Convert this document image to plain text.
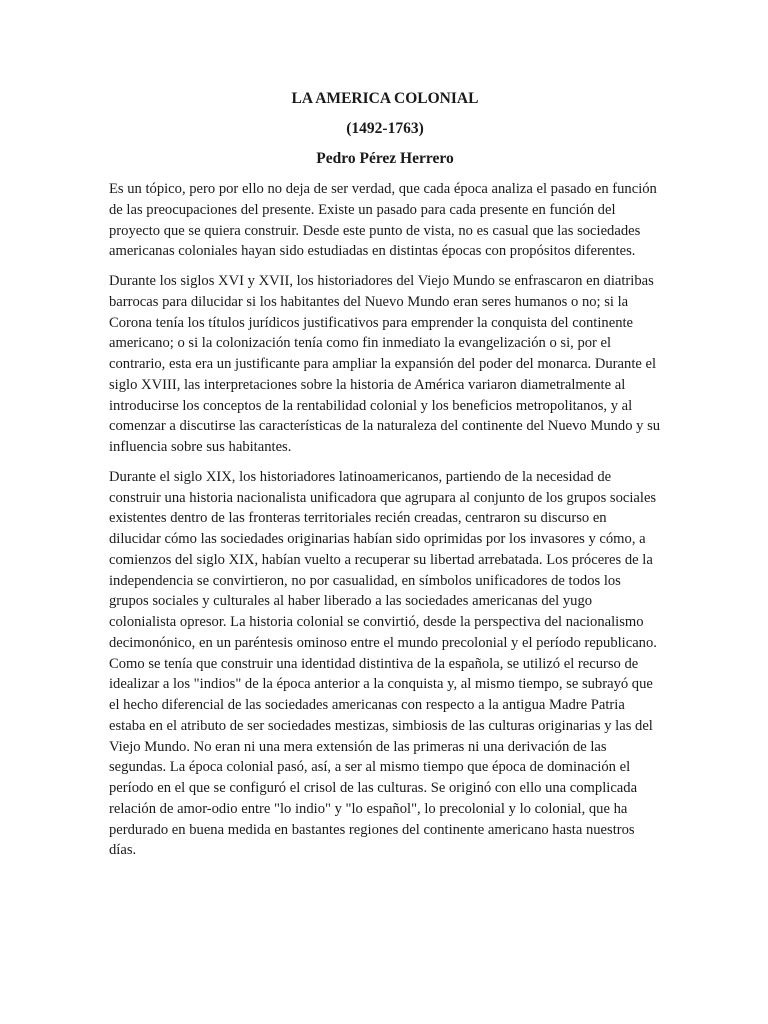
LA AMERICA COLONIAL
(1492-1763)
Pedro Pérez Herrero

Es un tópico, pero por ello no deja de ser verdad, que cada época analiza el pasado en función de las preocupaciones del presente. Existe un pasado para cada presente en función del proyecto que se quiera construir. Desde este punto de vista, no es casual que las sociedades americanas coloniales hayan sido estudiadas en distintas épocas con propósitos diferentes.

Durante los siglos XVI y XVII, los historiadores del Viejo Mundo se enfrascaron en diatribas barrocas para dilucidar si los habitantes del Nuevo Mundo eran seres humanos o no; si la Corona tenía los títulos jurídicos justificativos para emprender la conquista del continente americano; o si la colonización tenía como fin inmediato la evangelización o si, por el contrario, esta era un justificante para ampliar la expansión del poder del monarca. Durante el siglo XVIII, las interpretaciones sobre la historia de América variaron diametralmente al introducirse los conceptos de la rentabilidad colonial y los beneficios metropolitanos, y al comenzar a discutirse las características de la naturaleza del continente del Nuevo Mundo y su influencia sobre sus habitantes.

Durante el siglo XIX, los historiadores latinoamericanos, partiendo de la necesidad de construir una historia nacionalista unificadora que agrupara al conjunto de los grupos sociales existentes dentro de las fronteras territoriales recién creadas, centraron su discurso en dilucidar cómo las sociedades originarias habían sido oprimidas por los invasores y cómo, a comienzos del siglo XIX, habían vuelto a recuperar su libertad arrebatada. Los próceres de la independencia se convirtieron, no por casualidad, en símbolos unificadores de todos los grupos sociales y culturales al haber liberado a las sociedades americanas del yugo colonialista opresor. La historia colonial se convirtió, desde la perspectiva del nacionalismo decimonónico, en un paréntesis ominoso entre el mundo precolonial y el período republicano. Como se tenía que construir una identidad distintiva de la española, se utilizó el recurso de idealizar a los "indios" de la época anterior a la conquista y, al mismo tiempo, se subrayó que el hecho diferencial de las sociedades americanas con respecto a la antigua Madre Patria estaba en el atributo de ser sociedades mestizas, simbiosis de las culturas originarias y las del Viejo Mundo. No eran ni una mera extensión de las primeras ni una derivación de las segundas. La época colonial pasó, así, a ser al mismo tiempo que época de dominación el período en el que se configuró el crisol de las culturas. Se originó con ello una complicada relación de amor-odio entre "lo indio" y "lo español", lo precolonial y lo colonial, que ha perdurado en buena medida en bastantes regiones del continente americano hasta nuestros días.
